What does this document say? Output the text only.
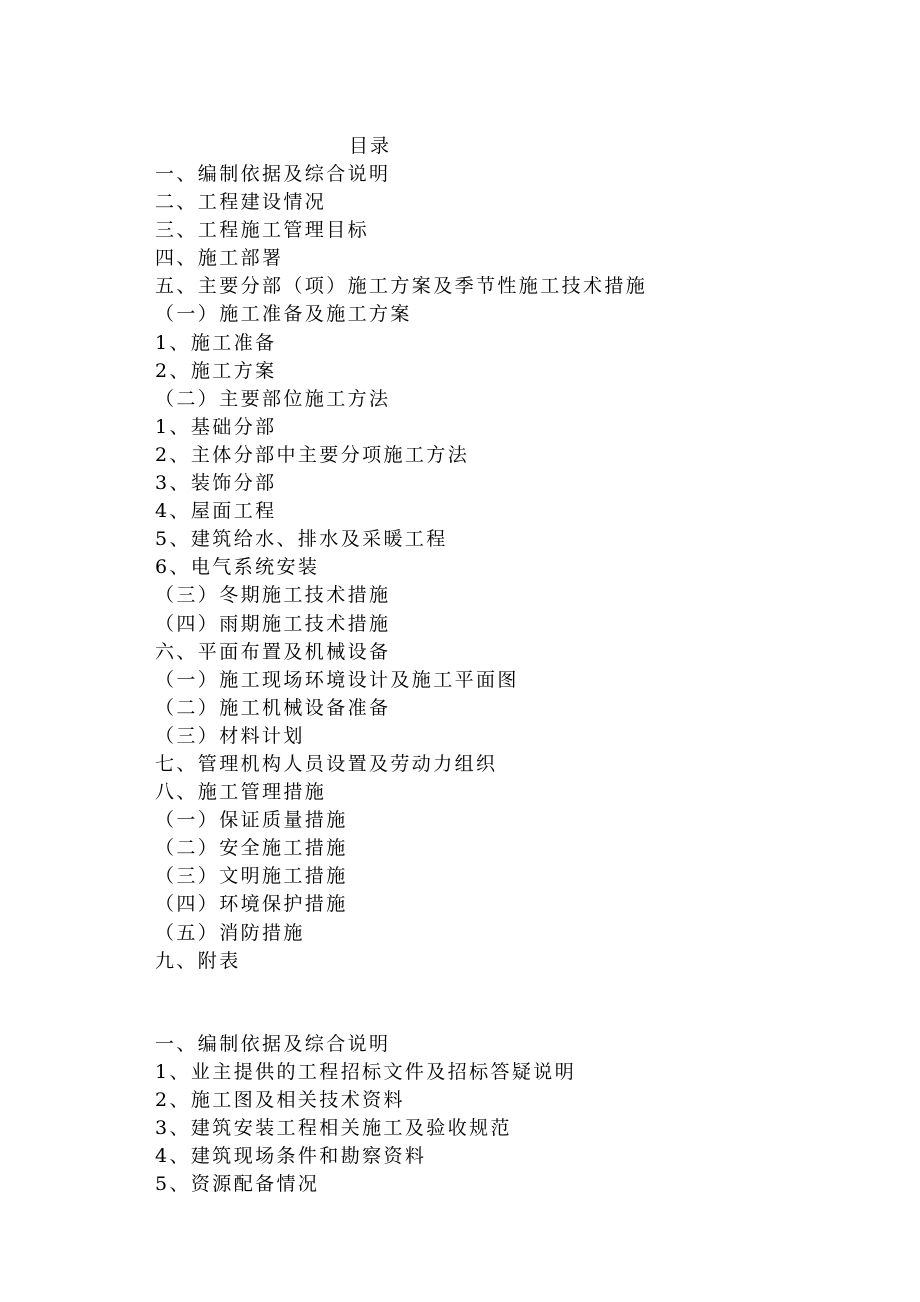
目录
一、编制依据及综合说明
二、工程建设情况
三、工程施工管理目标
四、施工部署
五、主要分部（项）施工方案及季节性施工技术措施
（一）施工准备及施工方案
1、施工准备
2、施工方案
（二）主要部位施工方法
1、基础分部
2、主体分部中主要分项施工方法
3、装饰分部
4、屋面工程
5、建筑给水、排水及采暖工程
6、电气系统安装
（三）冬期施工技术措施
（四）雨期施工技术措施
六、平面布置及机械设备
（一）施工现场环境设计及施工平面图
（二）施工机械设备准备
（三）材料计划
七、管理机构人员设置及劳动力组织
八、施工管理措施
（一）保证质量措施
（二）安全施工措施
（三）文明施工措施
（四）环境保护措施
（五）消防措施
九、附表
一、编制依据及综合说明
1、业主提供的工程招标文件及招标答疑说明
2、施工图及相关技术资料
3、建筑安装工程相关施工及验收规范
4、建筑现场条件和勘察资料
5、资源配备情况
